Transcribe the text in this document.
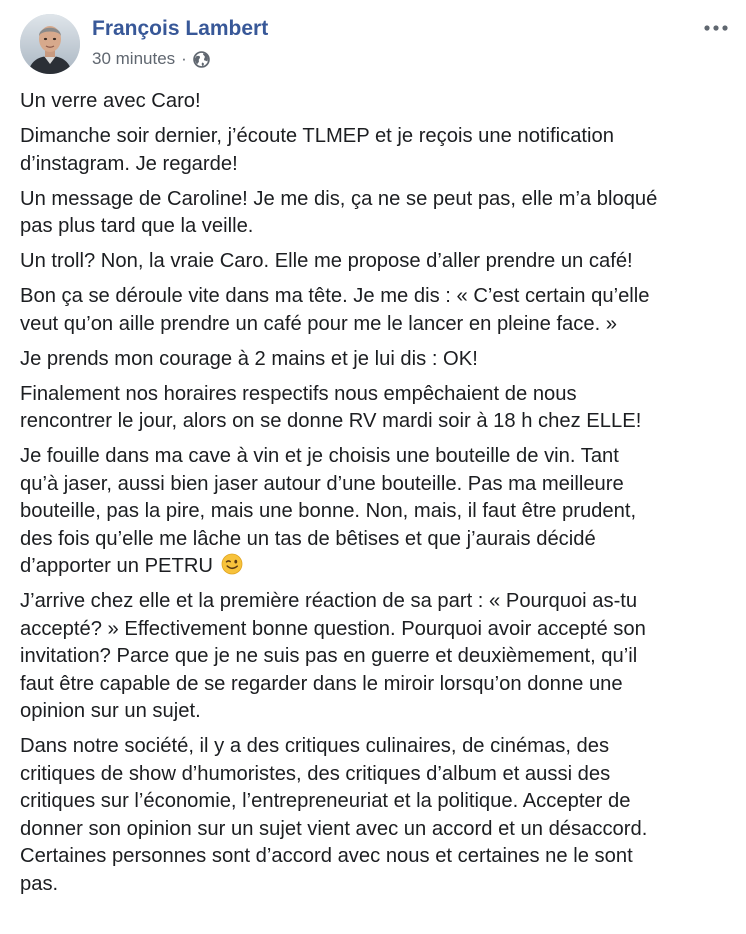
François Lambert
30 minutes ·

Un verre avec Caro!

Dimanche soir dernier, j’écoute TLMEP et je reçois une notification
d’instagram. Je regarde!

Un message de Caroline! Je me dis, ça ne se peut pas, elle m’a bloqué
pas plus tard que la veille.

Un troll? Non, la vraie Caro. Elle me propose d’aller prendre un café!

Bon ça se déroule vite dans ma tête. Je me dis : « C’est certain qu’elle
veut qu’on aille prendre un café pour me le lancer en pleine face. »

Je prends mon courage à 2 mains et je lui dis : OK!

Finalement nos horaires respectifs nous empêchaient de nous
rencontrer le jour, alors on se donne RV mardi soir à 18 h chez ELLE!

Je fouille dans ma cave à vin et je choisis une bouteille de vin. Tant
qu’à jaser, aussi bien jaser autour d’une bouteille. Pas ma meilleure
bouteille, pas la pire, mais une bonne. Non, mais, il faut être prudent,
des fois qu’elle me lâche un tas de bêtises et que j’aurais décidé
d’apporter un PETRU

J’arrive chez elle et la première réaction de sa part : « Pourquoi as-tu
accepté? » Effectivement bonne question. Pourquoi avoir accepté son
invitation? Parce que je ne suis pas en guerre et deuxièmement, qu’il
faut être capable de se regarder dans le miroir lorsqu’on donne une
opinion sur un sujet.

Dans notre société, il y a des critiques culinaires, de cinémas, des
critiques de show d’humoristes, des critiques d’album et aussi des
critiques sur l’économie, l’entrepreneuriat et la politique. Accepter de
donner son opinion sur un sujet vient avec un accord et un désaccord.
Certaines personnes sont d’accord avec nous et certaines ne le sont
pas.
